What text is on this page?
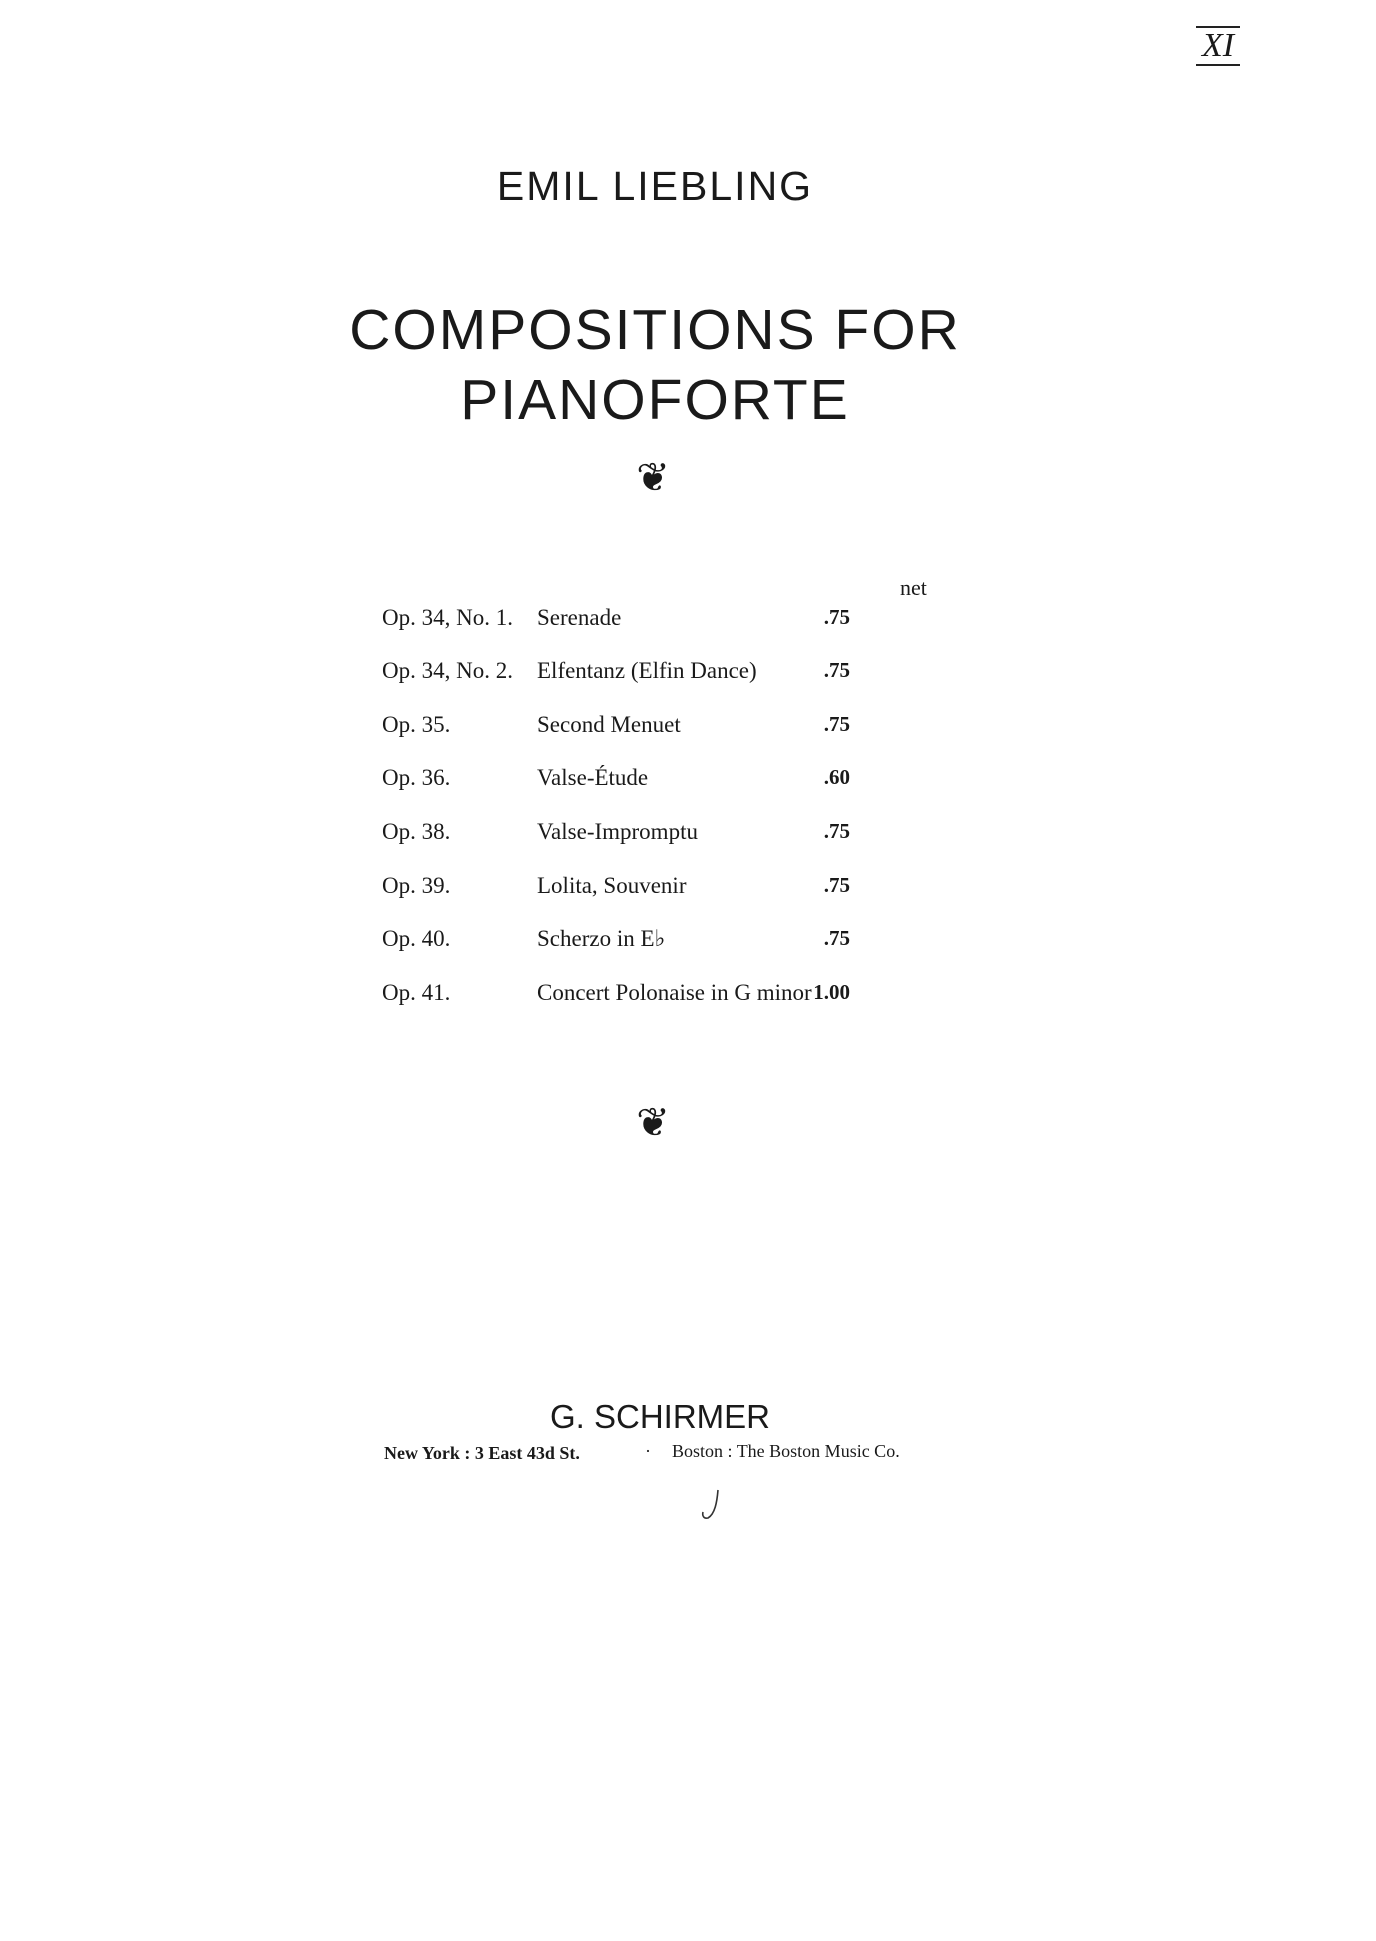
XI
EMIL LIEBLING
COMPOSITIONS FOR
PIANOFORTE
❦
net
Op. 34, No. 1. Serenade	.75
Op. 34, No. 2. Elfentanz (Elfin Dance)	.75
Op. 35.	Second Menuet	.75
Op. 36.	Valse-Étude	.60
Op. 38.	Valse-Impromptu	.75
Op. 39.	Lolita, Souvenir	.75
Op. 40.	Scherzo in E♭	.75
Op. 41.	Concert Polonaise in G minor 1.00
❦
G. SCHIRMER
New York : 3 East 43d St.	· Boston : The Boston Music Co.
